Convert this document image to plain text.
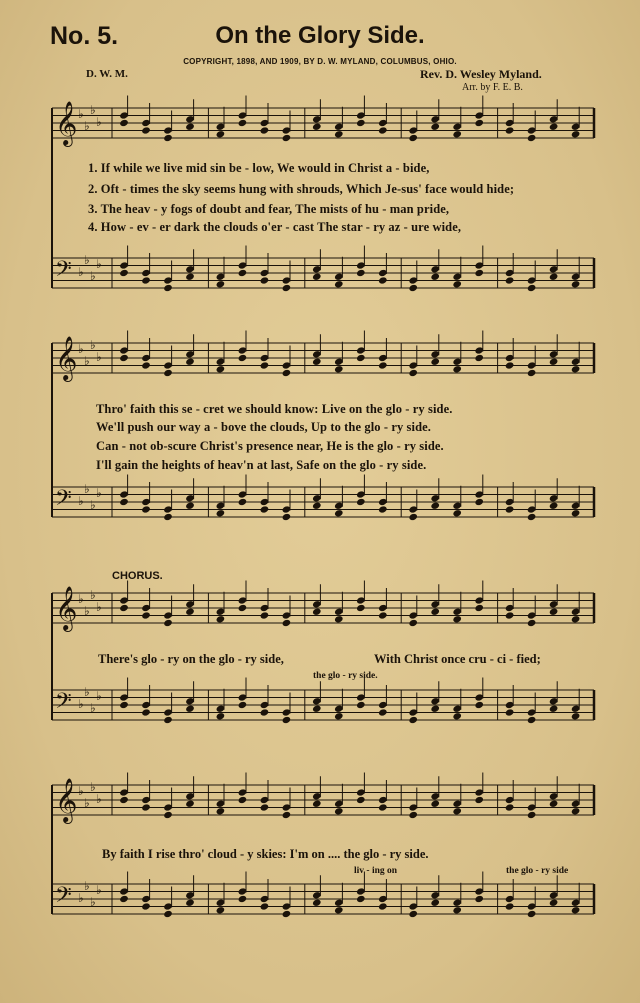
𝄞 ♭
♭
♭
♭
𝄢 ♭
♭
♭
♭
𝄞 ♭
♭
♭
♭
𝄢 ♭
♭
♭
♭
𝄞 ♭
♭
♭
♭
𝄢 ♭
♭
♭
♭
𝄞 ♭
♭
♭
♭
𝄢 ♭
♭
♭
♭
No. 5.	On the Glory Side.
COPYRIGHT, 1898, AND 1909, BY D. W. MYLAND, COLUMBUS, OHIO.
D. W. M.	Rev. D. Wesley Myland.
Arr. by F. E. B.
1. If while we live mid sin be - low, We would in Christ a - bide,
2. Oft - times the sky seems hung with shrouds, Which Je-sus' face would hide;
3. The heav - y fogs of doubt and fear, The mists of hu - man pride,
4. How - ev - er dark the clouds o'er - cast The star - ry az - ure wide,
Thro' faith this se - cret we should know: Live on the glo - ry side.
We'll push our way a - bove the clouds, Up to the glo - ry side.
Can - not ob-scure Christ's presence near, He is the glo - ry side.
I'll gain the heights of heav'n at last, Safe on the glo - ry side.
CHORUS.
There's glo - ry on the glo - ry side,	With Christ once cru - ci - fied;
the glo - ry side.
By faith I rise thro' cloud - y skies: I'm on .... the glo - ry side.
liv - ing on	the glo - ry side
